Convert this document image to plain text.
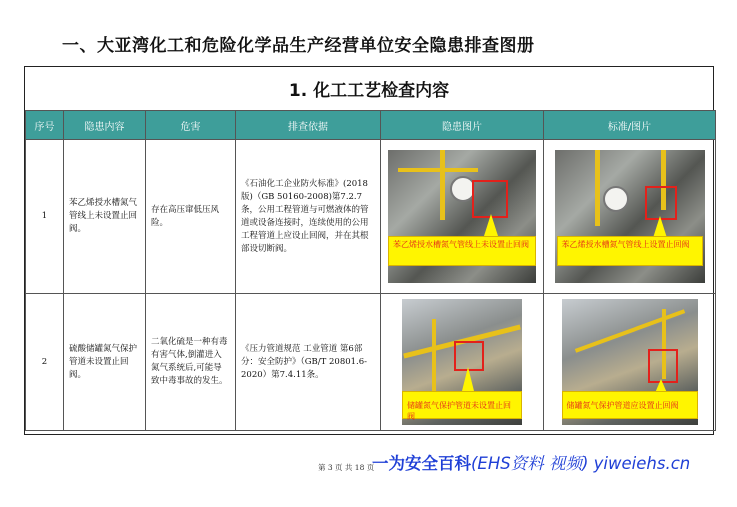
一、大亚湾化工和危险化学品生产经营单位安全隐患排查图册
1. 化工工艺检查内容
序号	隐患内容	危害	排查依据	隐患图片	标准/图片
1	苯乙烯授水槽氮气管线上未设置止回阀。	存在高压窜低压风险。	《石油化工企业防火标准》(2018版)（GB 50160-2008)第7.2.7条，公用工程管道与可燃液体的管道或设备连接时，连续使用的公用工程管道上应设止回阀，并在其根部设切断阀。	苯乙烯授水槽氮气管线上未设置止回阀	苯乙烯授水槽氮气管线上设置止回阀

2	硫酸储罐氮气保护管道未设置止回阀。	二氧化硫是一种有毒有害气体,倒灌进入氮气系统后,可能导致中毒事故的发生。	《压力管道规范 工业管道 第6部分：安全防护》（GB/T 20801.6-2020）第7.4.11条。	储罐氮气保护管道未设置止回阀	储罐氮气保护管道应设置止回阀
第 3 页 共 18 页
一为安全百科(EHS资料 视频) yiweiehs.cn
